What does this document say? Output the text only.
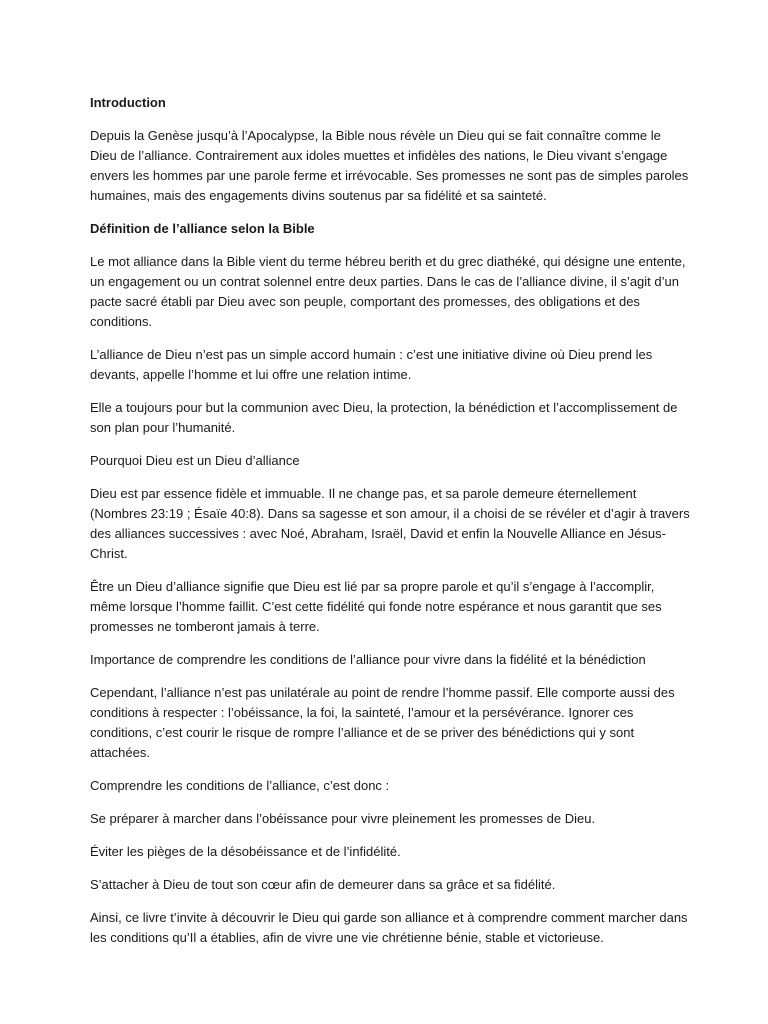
Introduction

Depuis la Genèse jusqu’à l’Apocalypse, la Bible nous révèle un Dieu qui se fait connaître comme le Dieu de l’alliance. Contrairement aux idoles muettes et infidèles des nations, le Dieu vivant s’engage envers les hommes par une parole ferme et irrévocable. Ses promesses ne sont pas de simples paroles humaines, mais des engagements divins soutenus par sa fidélité et sa sainteté.

Définition de l’alliance selon la Bible

Le mot alliance dans la Bible vient du terme hébreu berith et du grec diathéké, qui désigne une entente, un engagement ou un contrat solennel entre deux parties. Dans le cas de l’alliance divine, il s’agit d’un pacte sacré établi par Dieu avec son peuple, comportant des promesses, des obligations et des conditions.

L’alliance de Dieu n’est pas un simple accord humain : c’est une initiative divine où Dieu prend les devants, appelle l’homme et lui offre une relation intime.

Elle a toujours pour but la communion avec Dieu, la protection, la bénédiction et l’accomplissement de son plan pour l’humanité.

Pourquoi Dieu est un Dieu d’alliance

Dieu est par essence fidèle et immuable. Il ne change pas, et sa parole demeure éternellement (Nombres 23:19 ; Ésaïe 40:8). Dans sa sagesse et son amour, il a choisi de se révéler et d’agir à travers des alliances successives : avec Noé, Abraham, Israël, David et enfin la Nouvelle Alliance en Jésus-Christ.

Être un Dieu d’alliance signifie que Dieu est lié par sa propre parole et qu’il s’engage à l’accomplir, même lorsque l’homme faillit. C’est cette fidélité qui fonde notre espérance et nous garantit que ses promesses ne tomberont jamais à terre.

Importance de comprendre les conditions de l’alliance pour vivre dans la fidélité et la bénédiction

Cependant, l’alliance n’est pas unilatérale au point de rendre l’homme passif. Elle comporte aussi des conditions à respecter : l’obéissance, la foi, la sainteté, l’amour et la persévérance. Ignorer ces conditions, c’est courir le risque de rompre l’alliance et de se priver des bénédictions qui y sont attachées.

Comprendre les conditions de l’alliance, c’est donc :

Se préparer à marcher dans l’obéissance pour vivre pleinement les promesses de Dieu.

Éviter les pièges de la désobéissance et de l’infidélité.

S’attacher à Dieu de tout son cœur afin de demeurer dans sa grâce et sa fidélité.

Ainsi, ce livre t’invite à découvrir le Dieu qui garde son alliance et à comprendre comment marcher dans les conditions qu’Il a établies, afin de vivre une vie chrétienne bénie, stable et victorieuse.
